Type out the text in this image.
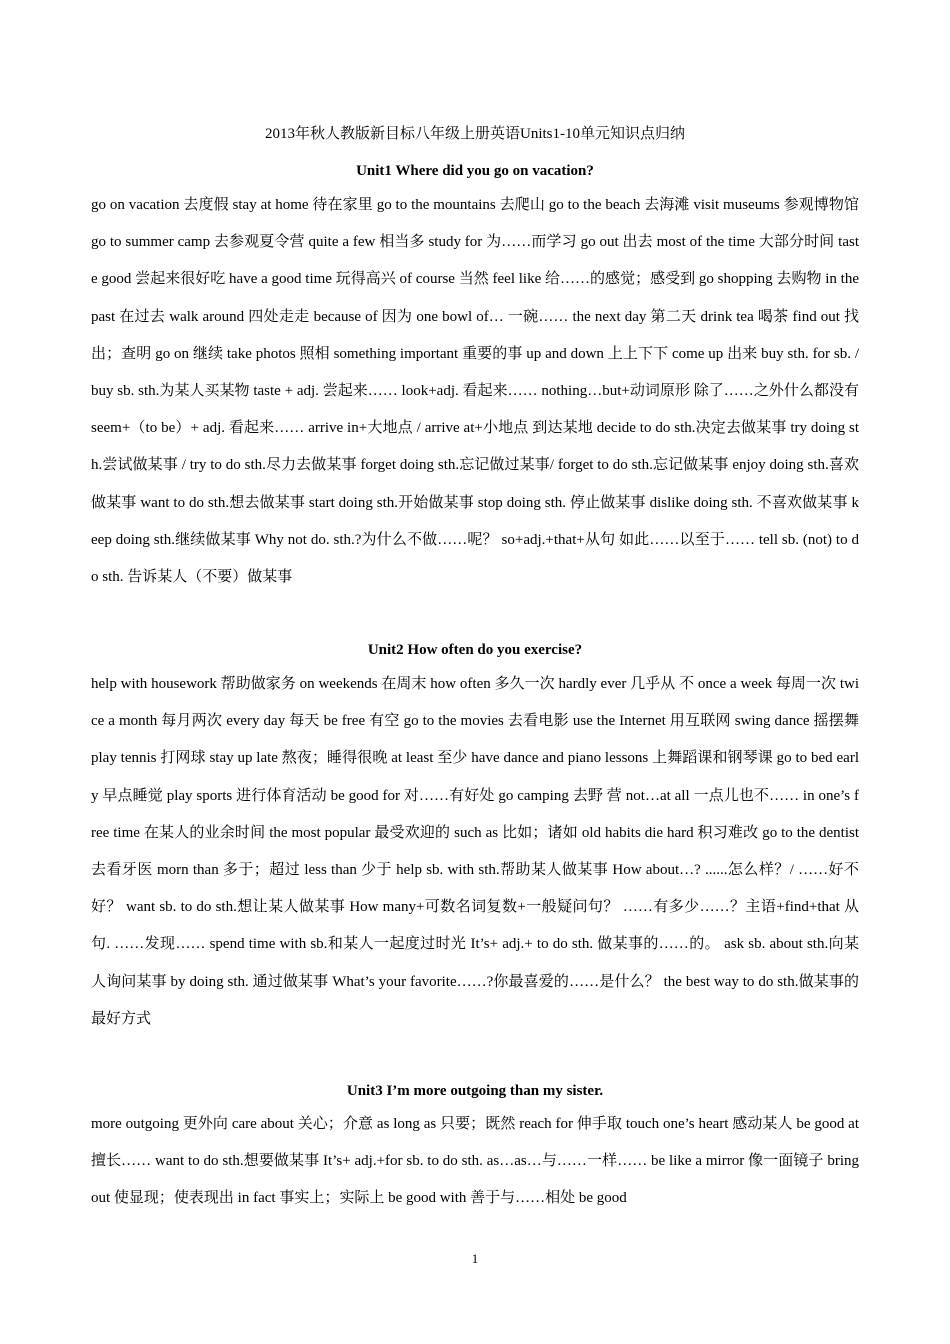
2013年秋人教版新目标八年级上册英语Units1-10单元知识点归纳
Unit1 Where did you go on vacation?

go on vacation 去度假 stay at home 待在家里 go to the mountains 去爬山 go to the beach 去海滩 visit museums 参观博物馆 go to summer camp 去参观夏令营 quite a few 相当多 study for 为……而学习 go out 出去 most of the time 大部分时间 taste good 尝起来很好吃 have a good time 玩得高兴 of course 当然 feel like 给……的感觉；感受到 go shopping 去购物 in the past 在过去 walk around 四处走走 because of 因为 one bowl of… 一碗…… the next day 第二天 drink tea 喝茶 find out 找出；查明 go on 继续 take photos 照相 something important 重要的事 up and down 上上下下 come up 出来 buy sth. for sb. / buy sb. sth.为某人买某物 taste + adj. 尝起来…… look+adj. 看起来…… nothing…but+动词原形 除了……之外什么都没有 seem+（to be）+ adj. 看起来…… arrive in+大地点 / arrive at+小地点 到达某地 decide to do sth.决定去做某事 try doing sth.尝试做某事 / try to do sth.尽力去做某事 forget doing sth.忘记做过某事/ forget to do sth.忘记做某事 enjoy doing sth.喜欢做某事 want to do sth.想去做某事 start doing sth.开始做某事 stop doing sth. 停止做某事 dislike doing sth. 不喜欢做某事 keep doing sth.继续做某事 Why not do. sth.?为什么不做……呢？ so+adj.+that+从句 如此……以至于…… tell sb. (not) to do sth. 告诉某人（不要）做某事

Unit2 How often do you exercise?

help with housework 帮助做家务 on weekends 在周末 how often 多久一次 hardly ever 几乎从 不 once a week 每周一次 twice a month 每月两次 every day 每天 be free 有空 go to the movies 去看电影 use the Internet 用互联网 swing dance 摇摆舞 play tennis 打网球 stay up late 熬夜；睡得很晚 at least 至少 have dance and piano lessons 上舞蹈课和钢琴课 go to bed early 早点睡觉 play sports 进行体育活动 be good for 对……有好处 go camping 去野 营 not…at all 一点儿也不…… in one’s free time 在某人的业余时间 the most popular 最受欢迎的 such as 比如；诸如 old habits die hard 积习难改 go to the dentist 去看牙医 morn than 多于；超过 less than 少于 help sb. with sth.帮助某人做某事 How about…? ......怎么样？/ ……好不好？ want sb. to do sth.想让某人做某事 How many+可数名词复数+一般疑问句？ ……有多少……？主语+find+that 从句. ……发现…… spend time with sb.和某人一起度过时光 It’s+ adj.+ to do sth. 做某事的……的。 ask sb. about sth.向某人询问某事 by doing sth. 通过做某事 What’s your favorite……?你最喜爱的……是什么？ the best way to do sth.做某事的最好方式

Unit3 I’m more outgoing than my sister.

more outgoing 更外向 care about 关心；介意 as long as 只要；既然 reach for 伸手取 touch one’s heart 感动某人 be good at 擅长…… want to do sth.想要做某事 It’s+ adj.+for sb. to do sth. as…as…与……一样…… be like a mirror 像一面镜子 bring out 使显现；使表现出 in fact 事实上；实际上 be good with 善于与……相处 be good

1
